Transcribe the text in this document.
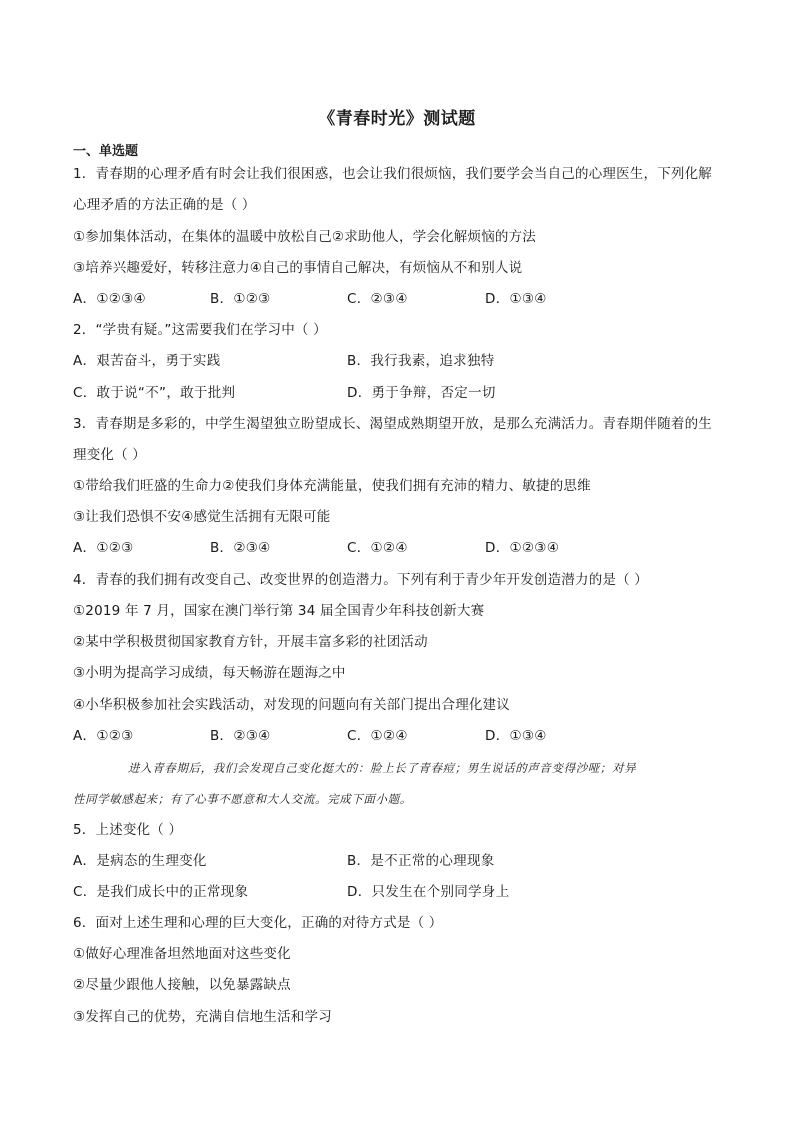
《青春时光》测试题
一、单选题
1．青春期的心理矛盾有时会让我们很困惑，也会让我们很烦恼，我们要学会当自己的心理医生，下列化解
心理矛盾的方法正确的是（ ）
①参加集体活动，在集体的温暖中放松自己②求助他人，学会化解烦恼的方法
③培养兴趣爱好，转移注意力④自己的事情自己解决，有烦恼从不和别人说
A．①②③④	B．①②③	C．②③④	D．①③④
2．“学贵有疑。”这需要我们在学习中（ ）
A．艰苦奋斗，勇于实践	B．我行我素，追求独特
C．敢于说“不”，敢于批判	D．勇于争辩，否定一切
3．青春期是多彩的，中学生渴望独立盼望成长、渴望成熟期望开放，是那么充满活力。青春期伴随着的生
理变化（ ）
①带给我们旺盛的生命力②使我们身体充满能量，使我们拥有充沛的精力、敏捷的思维
③让我们恐惧不安④感觉生活拥有无限可能
A．①②③	B．②③④	C．①②④	D．①②③④
4．青春的我们拥有改变自己、改变世界的创造潜力。下列有利于青少年开发创造潜力的是（ ）
①2019 年 7 月，国家在澳门举行第 34 届全国青少年科技创新大赛
②某中学积极贯彻国家教育方针，开展丰富多彩的社团活动
③小明为提高学习成绩，每天畅游在题海之中
④小华积极参加社会实践活动，对发现的问题向有关部门提出合理化建议
A．①②③	B．②③④	C．①②④	D．①③④
进入青春期后，我们会发现自己变化挺大的：脸上长了青春痘；男生说话的声音变得沙哑；对异
性同学敏感起来；有了心事不愿意和大人交流。完成下面小题。
5．上述变化（ ）
A．是病态的生理变化	B．是不正常的心理现象
C．是我们成长中的正常现象	D．只发生在个别同学身上
6．面对上述生理和心理的巨大变化，正确的对待方式是（ ）
①做好心理准备坦然地面对这些变化
②尽量少跟他人接触，以免暴露缺点
③发挥自己的优势，充满自信地生活和学习
